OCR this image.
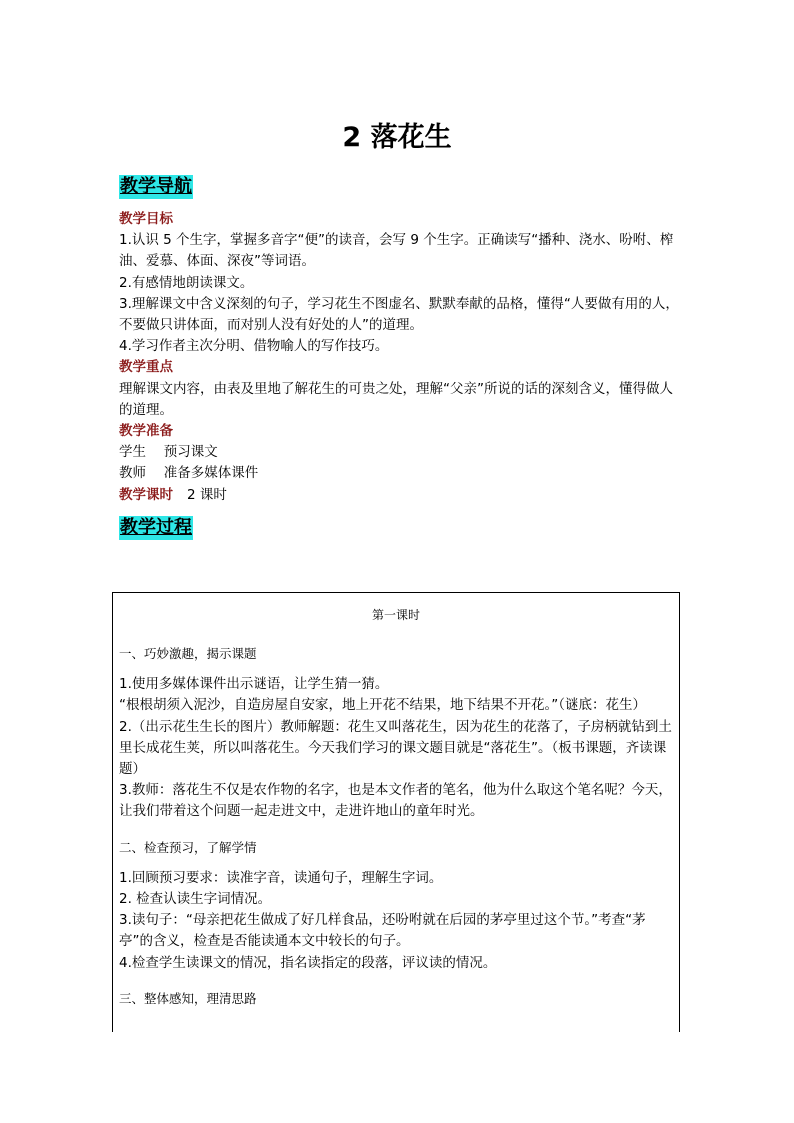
2 落花生
教学导航

教学目标

1.认识 5 个生字，掌握多音字“便”的读音，会写 9 个生字。正确读写“播种、浇水、吩咐、榨油、爱慕、体面、深夜”等词语。

2.有感情地朗读课文。

3.理解课文中含义深刻的句子，学习花生不图虚名、默默奉献的品格，懂得“人要做有用的人，不要做只讲体面，而对别人没有好处的人”的道理。

4.学习作者主次分明、借物喻人的写作技巧。

教学重点

理解课文内容，由表及里地了解花生的可贵之处，理解“父亲”所说的话的深刻含义，懂得做人的道理。

教学准备

学生　 预习课文

教师　 准备多媒体课件

教学课时 2 课时

教学过程
第一课时

一、巧妙激趣，揭示课题

1.使用多媒体课件出示谜语，让学生猜一猜。

“根根胡须入泥沙，自造房屋自安家，地上开花不结果，地下结果不开花。”（谜底：花生）

2.（出示花生生长的图片）教师解题：花生又叫落花生，因为花生的花落了，子房柄就钻到土里长成花生荚，所以叫落花生。今天我们学习的课文题目就是“落花生”。（板书课题，齐读课题）

3.教师：落花生不仅是农作物的名字，也是本文作者的笔名，他为什么取这个笔名呢？今天，让我们带着这个问题一起走进文中，走进许地山的童年时光。

二、检查预习，了解学情

1.回顾预习要求：读准字音，读通句子，理解生字词。

2. 检查认读生字词情况。

3.读句子：“母亲把花生做成了好几样食品，还吩咐就在后园的茅亭里过这个节。”考查“茅亭”的含义，检查是否能读通本文中较长的句子。

4.检查学生读课文的情况，指名读指定的段落，评议读的情况。

三、整体感知，理清思路
